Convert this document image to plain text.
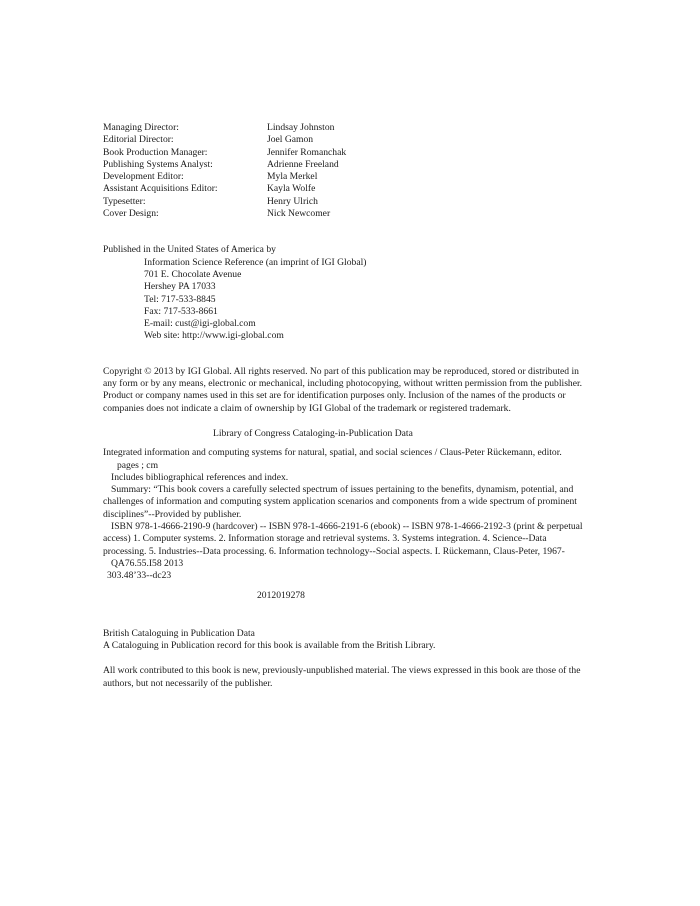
Managing Director:	Lindsay Johnston
Editorial Director:	Joel Gamon
Book Production Manager:	Jennifer Romanchak
Publishing Systems Analyst:	Adrienne Freeland
Development Editor:	Myla Merkel
Assistant Acquisitions Editor:	Kayla Wolfe
Typesetter:	Henry Ulrich
Cover Design:	Nick Newcomer
Published in the United States of America by
Information Science Reference (an imprint of IGI Global)
701 E. Chocolate Avenue
Hershey PA 17033
Tel: 717-533-8845
Fax: 717-533-8661
E-mail: cust@igi-global.com
Web site: http://www.igi-global.com
Copyright © 2013 by IGI Global. All rights reserved. No part of this publication may be reproduced, stored or distributed in
any form or by any means, electronic or mechanical, including photocopying, without written permission from the publisher.
Product or company names used in this set are for identification purposes only. Inclusion of the names of the products or
companies does not indicate a claim of ownership by IGI Global of the trademark or registered trademark.
Library of Congress Cataloging-in-Publication Data
Integrated information and computing systems for natural, spatial, and social sciences / Claus-Peter Rückemann, editor.
pages ; cm
Includes bibliographical references and index.
Summary: “This book covers a carefully selected spectrum of issues pertaining to the benefits, dynamism, potential, and
challenges of information and computing system application scenarios and components from a wide spectrum of prominent
disciplines”--Provided by publisher.
ISBN 978-1-4666-2190-9 (hardcover) -- ISBN 978-1-4666-2191-6 (ebook) -- ISBN 978-1-4666-2192-3 (print & perpetual
access) 1. Computer systems. 2. Information storage and retrieval systems. 3. Systems integration. 4. Science--Data
processing. 5. Industries--Data processing. 6. Information technology--Social aspects. I. Rückemann, Claus-Peter, 1967-
QA76.55.I58 2013
303.48’33--dc23
2012019278
British Cataloguing in Publication Data
A Cataloguing in Publication record for this book is available from the British Library.
All work contributed to this book is new, previously-unpublished material. The views expressed in this book are those of the
authors, but not necessarily of the publisher.
